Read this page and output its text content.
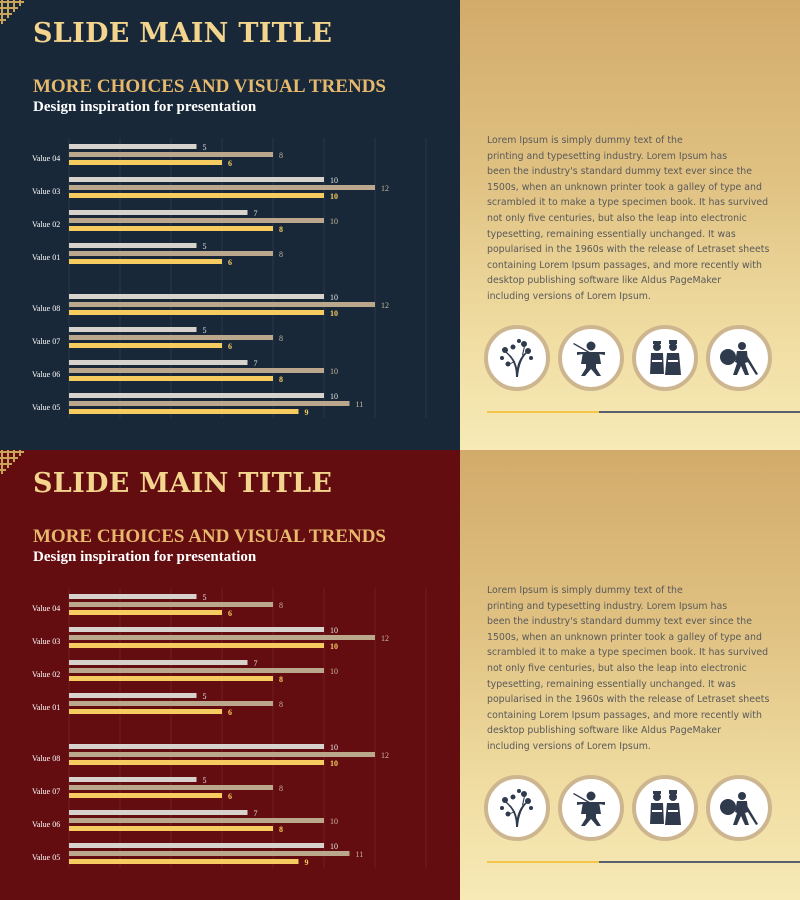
SLIDE MAIN TITLE
MORE CHOICES AND VISUAL TRENDS
Design inspiration for presentation
Value 04
5
8
6
Value 03
10
12
10
Value 02
7
10
8
Value 01
5
8
6
Value 08
10
12
10
Value 07
5
8
6
Value 06
7
10
8
Value 05
10
11
9
Lorem Ipsum is simply dummy text of the
printing and typesetting industry. Lorem Ipsum has
been the industry's standard dummy text ever since the
1500s, when an unknown printer took a galley of type and
scrambled it to make a type specimen book. It has survived
not only five centuries, but also the leap into electronic
typesetting, remaining essentially unchanged. It was
popularised in the 1960s with the release of Letraset sheets
containing Lorem Ipsum passages, and more recently with
desktop publishing software like Aldus PageMaker
including versions of Lorem Ipsum.
SLIDE MAIN TITLE
MORE CHOICES AND VISUAL TRENDS
Design inspiration for presentation
Value 04
5
8
6
Value 03
10
12
10
Value 02
7
10
8
Value 01
5
8
6
Value 08
10
12
10
Value 07
5
8
6
Value 06
7
10
8
Value 05
10
11
9
Lorem Ipsum is simply dummy text of the
printing and typesetting industry. Lorem Ipsum has
been the industry's standard dummy text ever since the
1500s, when an unknown printer took a galley of type and
scrambled it to make a type specimen book. It has survived
not only five centuries, but also the leap into electronic
typesetting, remaining essentially unchanged. It was
popularised in the 1960s with the release of Letraset sheets
containing Lorem Ipsum passages, and more recently with
desktop publishing software like Aldus PageMaker
including versions of Lorem Ipsum.
